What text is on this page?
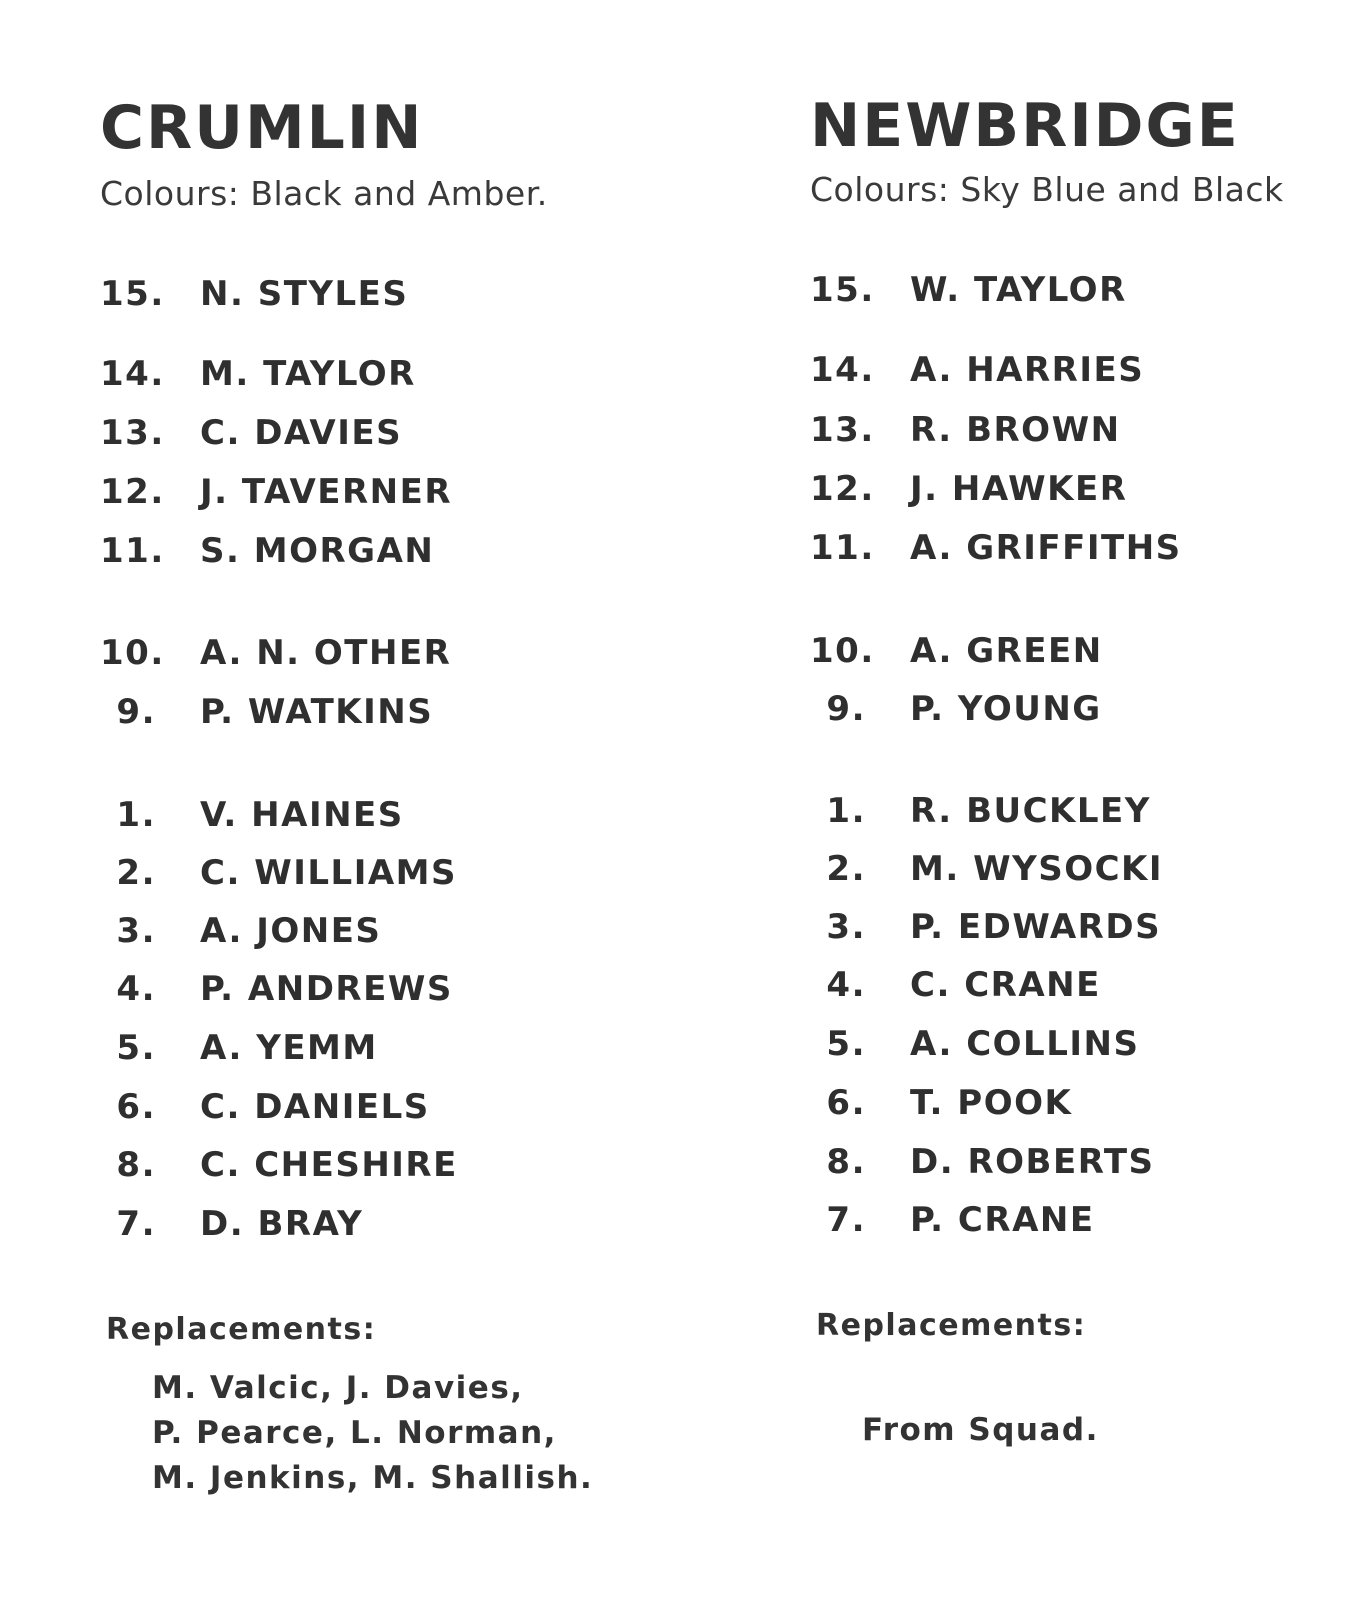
CRUMLIN
Colours: Black and Amber.
15. N. STYLES
14. M. TAYLOR
13. C. DAVIES
12. J. TAVERNER
11. S. MORGAN
10. A. N. OTHER
9. P. WATKINS
1. V. HAINES
2. C. WILLIAMS
3. A. JONES
4. P. ANDREWS
5. A. YEMM
6. C. DANIELS
8. C. CHESHIRE
7. D. BRAY
Replacements:
M. Valcic, J. Davies,
P. Pearce, L. Norman,
M. Jenkins, M. Shallish.
NEWBRIDGE
Colours: Sky Blue and Black
15. W. TAYLOR
14. A. HARRIES
13. R. BROWN
12. J. HAWKER
11. A. GRIFFITHS
10. A. GREEN
9. P. YOUNG
1. R. BUCKLEY
2. M. WYSOCKI
3. P. EDWARDS
4. C. CRANE
5. A. COLLINS
6. T. POOK
8. D. ROBERTS
7. P. CRANE
Replacements:
From Squad.
